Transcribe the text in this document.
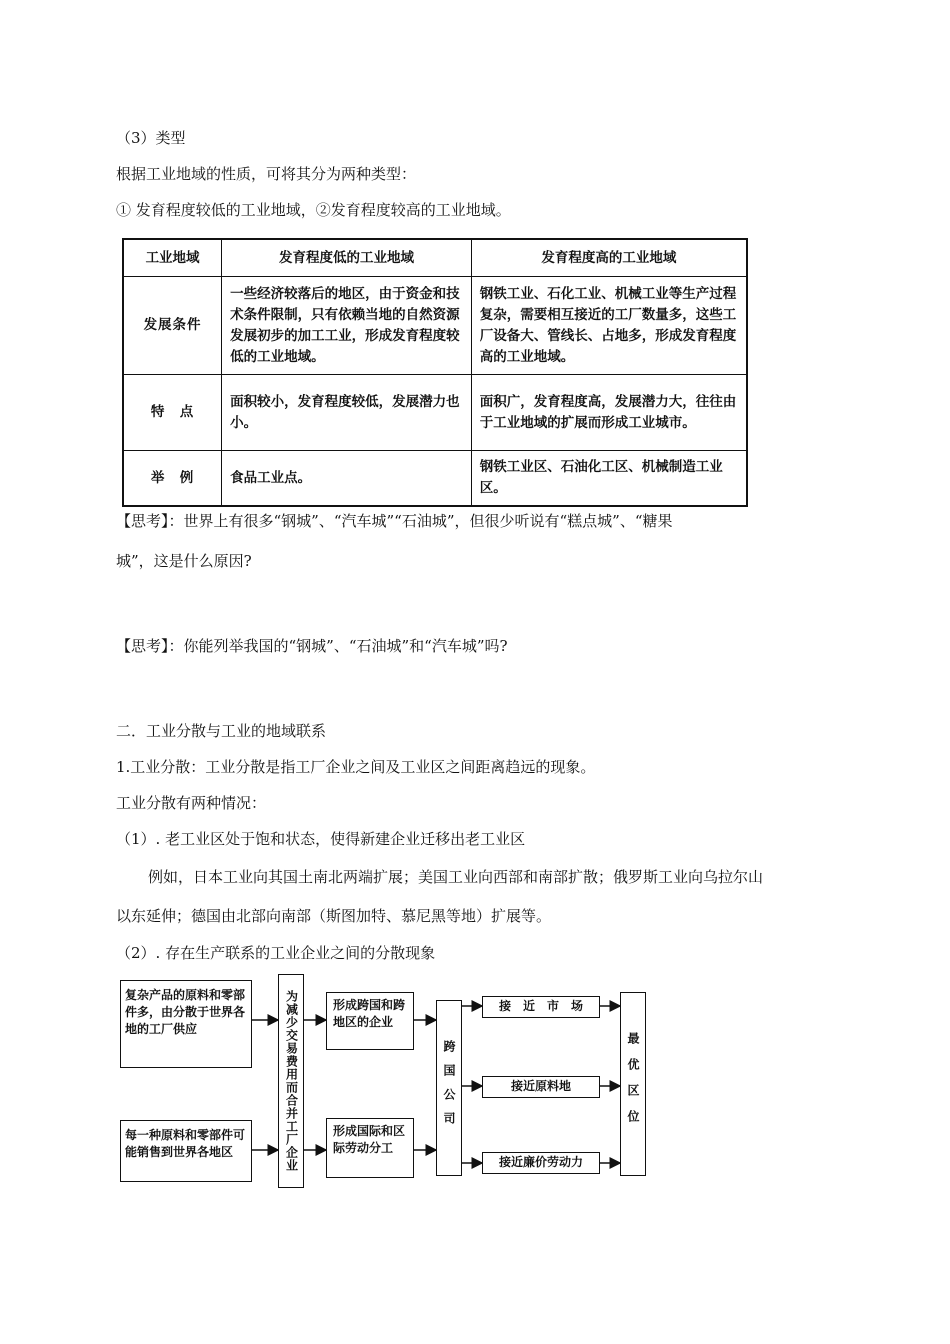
（3）类型
根据工业地域的性质，可将其分为两种类型：
① 发育程度较低的工业地域，②发育程度较高的工业地域。
工业地域	发育程度低的工业地域	发育程度高的工业地域
发展条件	一些经济较落后的地区，由于资金和技术条件限制，只有依赖当地的自然资源发展初步的加工工业，形成发育程度较低的工业地域。	钢铁工业、石化工业、机械工业等生产过程复杂，需要相互接近的工厂数量多，这些工厂设备大、管线长、占地多，形成发育程度高的工业地域。
特　点	面积较小，发育程度较低，发展潜力也小。	面积广，发育程度高，发展潜力大，往往由于工业地域的扩展而形成工业城市。
举　例	食品工业点。	钢铁工业区、石油化工区、机械制造工业区。
【思考】：世界上有很多“钢城”、“汽车城”“石油城”，但很少听说有“糕点城”、“糖果
城”，这是什么原因?
【思考】：你能列举我国的“钢城”、“石油城”和“汽车城”吗?
二．工业分散与工业的地域联系
1.工业分散：工业分散是指工厂企业之间及工业区之间距离趋远的现象。
工业分散有两种情况：
（1）. 老工业区处于饱和状态，使得新建企业迁移出老工业区
例如，日本工业向其国土南北两端扩展；美国工业向西部和南部扩散；俄罗斯工业向乌拉尔山
以东延伸；德国由北部向南部（斯图加特、慕尼黑等地）扩展等。
（2）. 存在生产联系的工业企业之间的分散现象
复杂产品的原料和零部件多，由分散于世界各地的工厂供应
每一种原料和零部件可能销售到世界各地区	为减少交易费用而合并工厂企业	形成跨国和跨地区的企业
形成国际和区际劳动分工
跨国公司
接　近　市　场
接近原料地
接近廉价劳动力
最优区位
